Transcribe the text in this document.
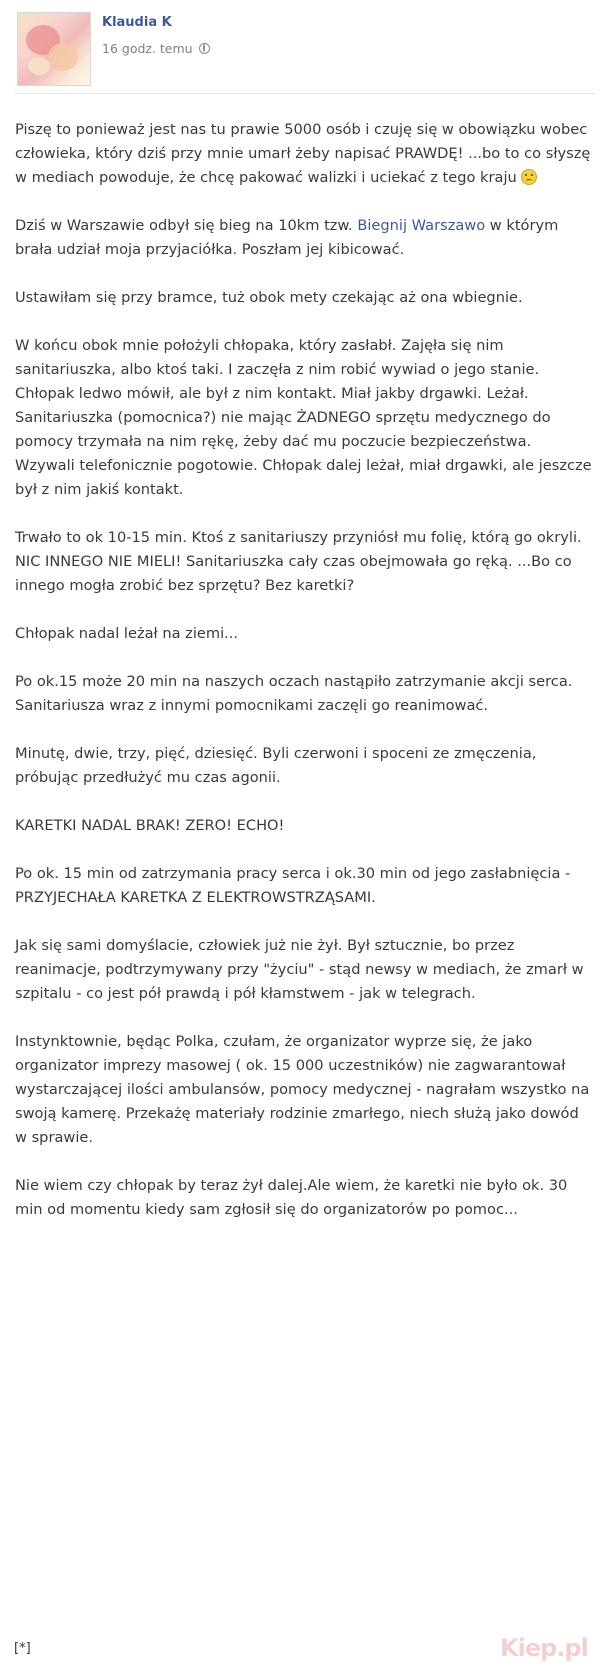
Klaudia K
16 godz. temu

Piszę to ponieważ jest nas tu prawie 5000 osób i czuję się w obowiązku wobec człowieka, który dziś przy mnie umarł żeby napisać PRAWDĘ! ...bo to co słyszę w mediach powoduje, że chcę pakować walizki i uciekać z tego kraju

Dziś w Warszawie odbył się bieg na 10km tzw. Biegnij Warszawo w którym brała udział moja przyjaciółka. Poszłam jej kibicować.

Ustawiłam się przy bramce, tuż obok mety czekając aż ona wbiegnie.

W końcu obok mnie położyli chłopaka, który zasłabł. Zajęła się nim sanitariuszka, albo ktoś taki. I zaczęła z nim robić wywiad o jego stanie. Chłopak ledwo mówił, ale był z nim kontakt. Miał jakby drgawki. Leżał. Sanitariuszka (pomocnica?) nie mając ŻADNEGO sprzętu medycznego do pomocy trzymała na nim rękę, żeby dać mu poczucie bezpieczeństwa. Wzywali telefonicznie pogotowie. Chłopak dalej leżał, miał drgawki, ale jeszcze był z nim jakiś kontakt.

Trwało to ok 10-15 min. Ktoś z sanitariuszy przyniósł mu folię, którą go okryli. NIC INNEGO NIE MIELI! Sanitariuszka cały czas obejmowała go ręką. ...Bo co innego mogła zrobić bez sprzętu? Bez karetki?

Chłopak nadal leżał na ziemi...

Po ok.15 może 20 min na naszych oczach nastąpiło zatrzymanie akcji serca. Sanitariusza wraz z innymi pomocnikami zaczęli go reanimować.

Minutę, dwie, trzy, pięć, dziesięć. Byli czerwoni i spoceni ze zmęczenia, próbując przedłużyć mu czas agonii.

KARETKI NADAL BRAK! ZERO! ECHO!

Po ok. 15 min od zatrzymania pracy serca i ok.30 min od jego zasłabnięcia - PRZYJECHAŁA KARETKA Z ELEKTROWSTRZĄSAMI.

Jak się sami domyślacie, człowiek już nie żył. Był sztucznie, bo przez reanimacje, podtrzymywany przy "życiu" - stąd newsy w mediach, że zmarł w szpitalu - co jest pół prawdą i pół kłamstwem - jak w telegrach.

Instynktownie, będąc Polka, czułam, że organizator wyprze się, że jako organizator imprezy masowej ( ok. 15 000 uczestników) nie zagwarantował wystarczającej ilości ambulansów, pomocy medycznej - nagrałam wszystko na swoją kamerę. Przekażę materiały rodzinie zmarłego, niech służą jako dowód w sprawie.

Nie wiem czy chłopak by teraz żył dalej.Ale wiem, że karetki nie było ok. 30 min od momentu kiedy sam zgłosił się do organizatorów po pomoc...

[*]	Kiep.pl
